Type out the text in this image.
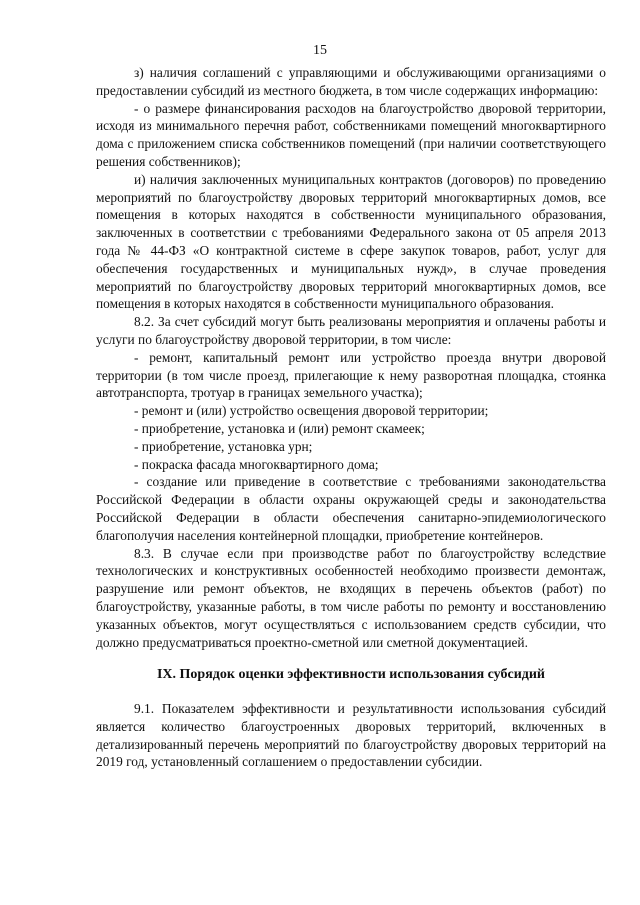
15

з) наличия соглашений с управляющими и обслуживающими организациями о предоставлении субсидий из местного бюджета, в том числе содержащих информацию:

- о размере финансирования расходов на благоустройство дворовой территории, исходя из минимального перечня работ, собственниками помещений многоквартирного дома с приложением списка собственников помещений (при наличии соответствующего решения собственников);

и) наличия заключенных муниципальных контрактов (договоров) по проведению мероприятий по благоустройству дворовых территорий многоквартирных домов, все помещения в которых находятся в собственности муниципального образования, заключенных в соответствии с требованиями Федерального закона от 05 апреля 2013 года № 44-ФЗ «О контрактной системе в сфере закупок товаров, работ, услуг для обеспечения государственных и муниципальных нужд», в случае проведения мероприятий по благоустройству дворовых территорий многоквартирных домов, все помещения в которых находятся в собственности муниципального образования.

8.2. За счет субсидий могут быть реализованы мероприятия и оплачены работы и услуги по благоустройству дворовой территории, в том числе:

- ремонт, капитальный ремонт или устройство проезда внутри дворовой территории (в том числе проезд, прилегающие к нему разворотная площадка, стоянка автотранспорта, тротуар в границах земельного участка);

- ремонт и (или) устройство освещения дворовой территории;

- приобретение, установка и (или) ремонт скамеек;

- приобретение, установка урн;

- покраска фасада многоквартирного дома;

- создание или приведение в соответствие с требованиями законодательства Российской Федерации в области охраны окружающей среды и законодательства Российской Федерации в области обеспечения санитарно-эпидемиологического благополучия населения контейнерной площадки, приобретение контейнеров.

8.3. В случае если при производстве работ по благоустройству вследствие технологических и конструктивных особенностей необходимо произвести демонтаж, разрушение или ремонт объектов, не входящих в перечень объектов (работ) по благоустройству, указанные работы, в том числе работы по ремонту и восстановлению указанных объектов, могут осуществляться с использованием средств субсидии, что должно предусматриваться проектно-сметной или сметной документацией.

IX. Порядок оценки эффективности использования субсидий

9.1. Показателем эффективности и результативности использования субсидий является количество благоустроенных дворовых территорий, включенных в детализированный перечень мероприятий по благоустройству дворовых территорий на 2019 год, установленный соглашением о предоставлении субсидии.
